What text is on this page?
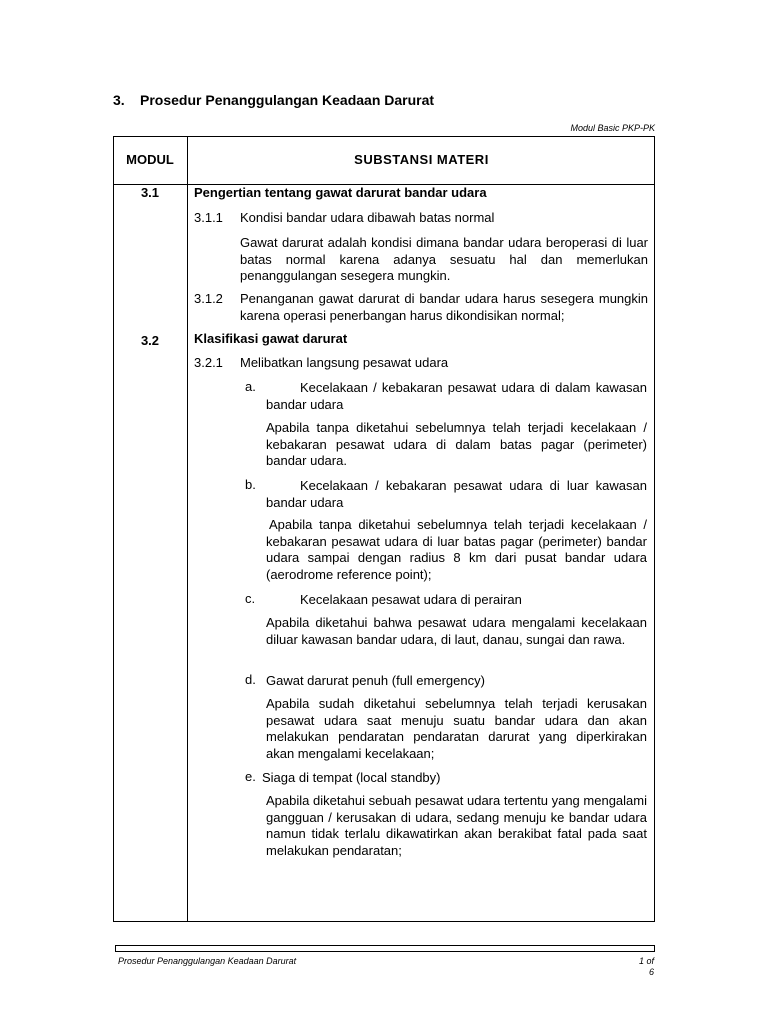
3. Prosedur Penanggulangan Keadaan Darurat
Modul Basic PKP-PK
MODUL	SUBSTANSI MATERI
3.1	Pengertian tentang gawat darurat bandar udara
3.1.1 Kondisi bandar udara dibawah batas normal
Gawat darurat adalah kondisi dimana bandar udara beroperasi di luar batas normal karena adanya sesuatu hal dan memerlukan penanggulangan sesegera mungkin.
3.1.2 Penanganan gawat darurat di bandar udara harus sesegera mungkin karena operasi penerbangan harus dikondisikan normal;
3.2	Klasifikasi gawat darurat
3.2.1 Melibatkan langsung pesawat udara
a.	Kecelakaan / kebakaran pesawat udara di dalam kawasan bandar udara
Apabila tanpa diketahui sebelumnya telah terjadi kecelakaan / kebakaran pesawat udara di dalam batas pagar (perimeter) bandar udara.
b.	Kecelakaan / kebakaran pesawat udara di luar kawasan bandar udara
Apabila tanpa diketahui sebelumnya telah terjadi kecelakaan / kebakaran pesawat udara di luar batas pagar (perimeter) bandar udara sampai dengan radius 8 km dari pusat bandar udara (aerodrome reference point);
c.	Kecelakaan pesawat udara di perairan
Apabila diketahui bahwa pesawat udara mengalami kecelakaan diluar kawasan bandar udara, di laut, danau, sungai dan rawa.
d. Gawat darurat penuh (full emergency)
Apabila sudah diketahui sebelumnya telah terjadi kerusakan pesawat udara saat menuju suatu bandar udara dan akan melakukan pendaratan pendaratan darurat yang diperkirakan akan mengalami kecelakaan;
e. Siaga di tempat (local standby)
Apabila diketahui sebuah pesawat udara tertentu yang mengalami gangguan / kerusakan di udara, sedang menuju ke bandar udara namun tidak terlalu dikawatirkan akan berakibat fatal pada saat melakukan pendaratan;
Prosedur Penanggulangan Keadaan Darurat	1 of
6
